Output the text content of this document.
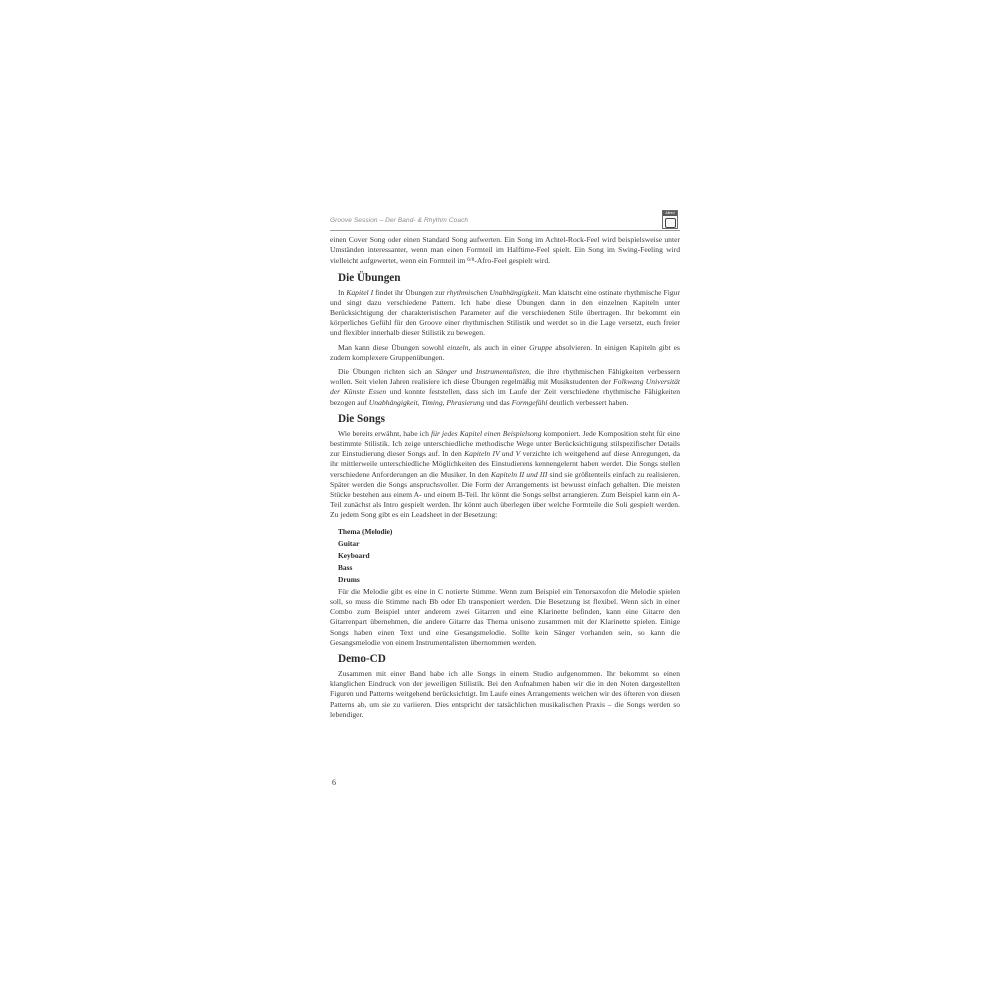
Groove Session – Der Band- & Rhythm Coach
Alfred

einen Cover Song oder einen Standard Song aufwerten. Ein Song im Achtel-Rock-Feel wird beispielsweise unter Umständen interessanter, wenn man einen Formteil im Halftime-Feel spielt. Ein Song im Swing-Feeling wird vielleicht aufgewertet, wenn ein Formteil im $^{6/8}$-Afro-Feel gespielt wird.

Die Übungen

In Kapitel I findet ihr Übungen zur rhythmischen Unabhängigkeit. Man klatscht eine ostinate rhythmische Figur und singt dazu verschiedene Pattern. Ich habe diese Übungen dann in den einzelnen Kapiteln unter Berücksichtigung der charakteristischen Parameter auf die verschiedenen Stile übertragen. Ihr bekommt ein körperliches Gefühl für den Groove einer rhythmischen Stilistik und werdet so in die Lage versetzt, euch freier und flexibler innerhalb dieser Stilistik zu bewegen.

Man kann diese Übungen sowohl einzeln, als auch in einer Gruppe absolvieren. In einigen Kapiteln gibt es zudem komplexere Gruppenübungen.

Die Übungen richten sich an Sänger und Instrumentalisten, die ihre rhythmischen Fähigkeiten verbessern wollen. Seit vielen Jahren realisiere ich diese Übungen regelmäßig mit Musikstudenten der Folkwang Universität der Künste Essen und konnte feststellen, dass sich im Laufe der Zeit verschiedene rhythmische Fähigkeiten bezogen auf Unabhängigkeit, Timing, Phrasierung und das Formgefühl deutlich verbessert haben.

Die Songs

Wie bereits erwähnt, habe ich für jedes Kapitel einen Beispielsong komponiert. Jede Komposition steht für eine bestimmte Stilistik. Ich zeige unterschiedliche methodische Wege unter Berücksichtigung stilspezifischer Details zur Einstudierung dieser Songs auf. In den Kapiteln IV und V verzichte ich weitgehend auf diese Anregungen, da ihr mittlerweile unterschiedliche Möglichkeiten des Einstudierens kennengelernt haben werdet. Die Songs stellen verschiedene Anforderungen an die Musiker. In den Kapiteln II und III sind sie größtenteils einfach zu realisieren. Später werden die Songs anspruchsvoller. Die Form der Arrangements ist bewusst einfach gehalten. Die meisten Stücke bestehen aus einem A- und einem B-Teil. Ihr könnt die Songs selbst arrangieren. Zum Beispiel kann ein A-Teil zunächst als Intro gespielt werden. Ihr könnt auch überlegen über welche Formteile die Soli gespielt werden. Zu jedem Song gibt es ein Leadsheet in der Besetzung:

Thema (Melodie)
Guitar
Keyboard
Bass
Drums

Für die Melodie gibt es eine in C notierte Stimme. Wenn zum Beispiel ein Tenorsaxofon die Melodie spielen soll, so muss die Stimme nach Bb oder Eb transponiert werden. Die Besetzung ist flexibel. Wenn sich in einer Combo zum Beispiel unter anderem zwei Gitarren und eine Klarinette befinden, kann eine Gitarre den Gitarrenpart übernehmen, die andere Gitarre das Thema unisono zusammen mit der Klarinette spielen. Einige Songs haben einen Text und eine Gesangsmelodie. Sollte kein Sänger vorhanden sein, so kann die Gesangsmelodie von einem Instrumentalisten übernommen werden.

Demo-CD

Zusammen mit einer Band habe ich alle Songs in einem Studio aufgenommen. Ihr bekommt so einen klanglichen Eindruck von der jeweiligen Stilistik. Bei den Aufnahmen haben wir die in den Noten dargestellten Figuren und Patterns weitgehend berücksichtigt. Im Laufe eines Arrangements weichen wir des öfteren von diesen Patterns ab, um sie zu variieren. Dies entspricht der tatsächlichen musikalischen Praxis – die Songs werden so lebendiger.

6
